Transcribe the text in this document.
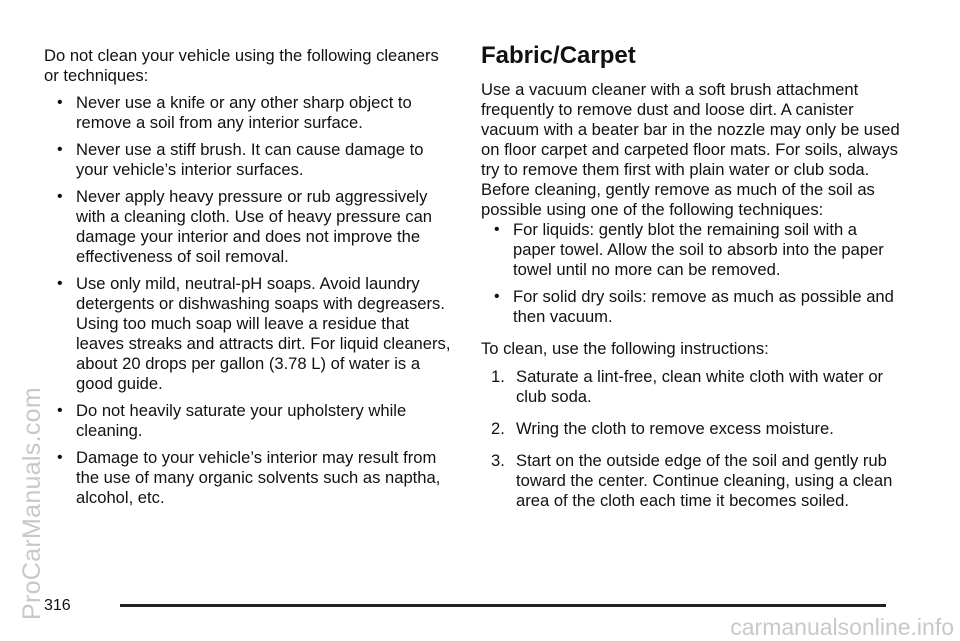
ProCarManuals.com

Do not clean your vehicle using the following cleaners or techniques:

• Never use a knife or any other sharp object to remove a soil from any interior surface.
• Never use a stiff brush. It can cause damage to your vehicle’s interior surfaces.
• Never apply heavy pressure or rub aggressively with a cleaning cloth. Use of heavy pressure can damage your interior and does not improve the effectiveness of soil removal.
• Use only mild, neutral-pH soaps. Avoid laundry detergents or dishwashing soaps with degreasers. Using too much soap will leave a residue that leaves streaks and attracts dirt. For liquid cleaners, about 20 drops per gallon (3.78 L) of water is a good guide.
• Do not heavily saturate your upholstery while cleaning.
• Damage to your vehicle’s interior may result from the use of many organic solvents such as naptha, alcohol, etc.
Fabric/Carpet

Use a vacuum cleaner with a soft brush attachment frequently to remove dust and loose dirt. A canister vacuum with a beater bar in the nozzle may only be used on floor carpet and carpeted floor mats. For soils, always try to remove them first with plain water or club soda. Before cleaning, gently remove as much of the soil as possible using one of the following techniques:

• For liquids: gently blot the remaining soil with a paper towel. Allow the soil to absorb into the paper towel until no more can be removed.
• For solid dry soils: remove as much as possible and then vacuum.

To clean, use the following instructions:

1. Saturate a lint-free, clean white cloth with water or club soda.
2. Wring the cloth to remove excess moisture.
3. Start on the outside edge of the soil and gently rub toward the center. Continue cleaning, using a clean area of the cloth each time it becomes soiled.
316
carmanualsonline.info
